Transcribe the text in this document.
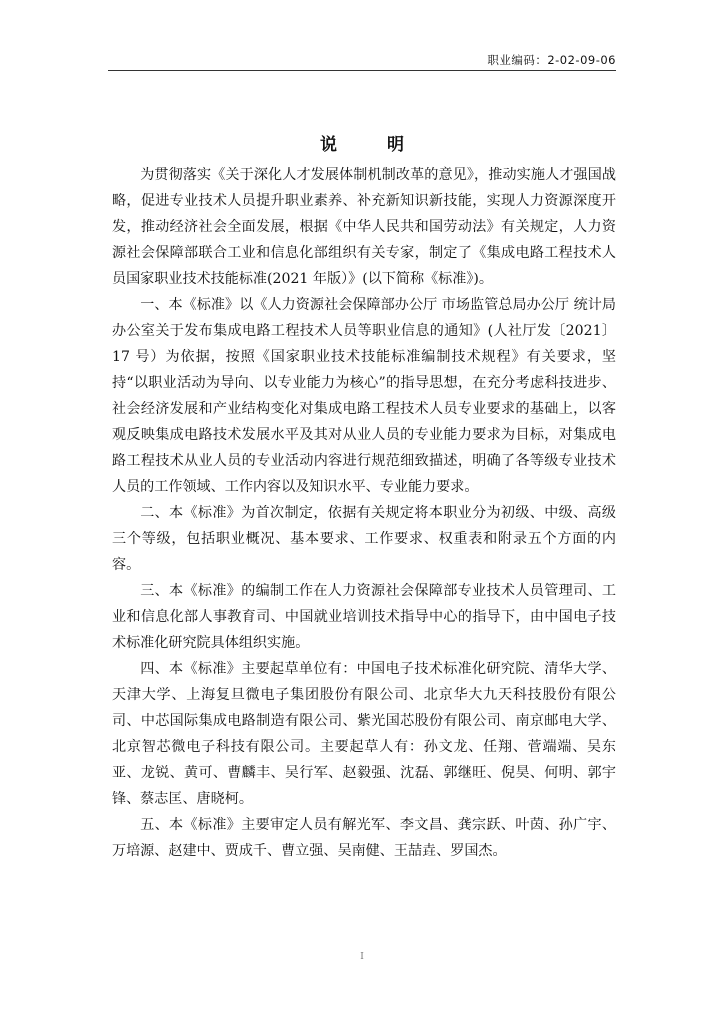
职业编码：2-02-09-06
说 明

为贯彻落实《关于深化人才发展体制机制改革的意见》，推动实施人才强国战略，促进专业技术人员提升职业素养、补充新知识新技能，实现人力资源深度开发，推动经济社会全面发展，根据《中华人民共和国劳动法》有关规定，人力资源社会保障部联合工业和信息化部组织有关专家，制定了《集成电路工程技术人员国家职业技术技能标准(2021 年版）》(以下简称《标准》)。

一、本《标准》以《人力资源社会保障部办公厅 市场监管总局办公厅 统计局办公室关于发布集成电路工程技术人员等职业信息的通知》(人社厅发〔2021〕17 号）为依据，按照《国家职业技术技能标准编制技术规程》有关要求，坚持“以职业活动为导向、以专业能力为核心”的指导思想，在充分考虑科技进步、社会经济发展和产业结构变化对集成电路工程技术人员专业要求的基础上，以客观反映集成电路技术发展水平及其对从业人员的专业能力要求为目标，对集成电路工程技术从业人员的专业活动内容进行规范细致描述，明确了各等级专业技术人员的工作领域、工作内容以及知识水平、专业能力要求。

二、本《标准》为首次制定，依据有关规定将本职业分为初级、中级、高级三个等级，包括职业概况、基本要求、工作要求、权重表和附录五个方面的内容。

三、本《标准》的编制工作在人力资源社会保障部专业技术人员管理司、工业和信息化部人事教育司、中国就业培训技术指导中心的指导下，由中国电子技术标准化研究院具体组织实施。

四、本《标准》主要起草单位有：中国电子技术标准化研究院、清华大学、天津大学、上海复旦微电子集团股份有限公司、北京华大九天科技股份有限公司、中芯国际集成电路制造有限公司、紫光国芯股份有限公司、南京邮电大学、北京智芯微电子科技有限公司。主要起草人有：孙文龙、任翔、菅端端、吴东亚、龙锐、黄可、曹麟丰、吴行军、赵毅强、沈磊、郭继旺、倪昊、何明、郭宇锋、蔡志匡、唐晓柯。

五、本《标准》主要审定人员有解光军、李文昌、龚宗跃、叶茵、孙广宇、万培源、赵建中、贾成千、曹立强、吴南健、王喆垚、罗国杰。

I
